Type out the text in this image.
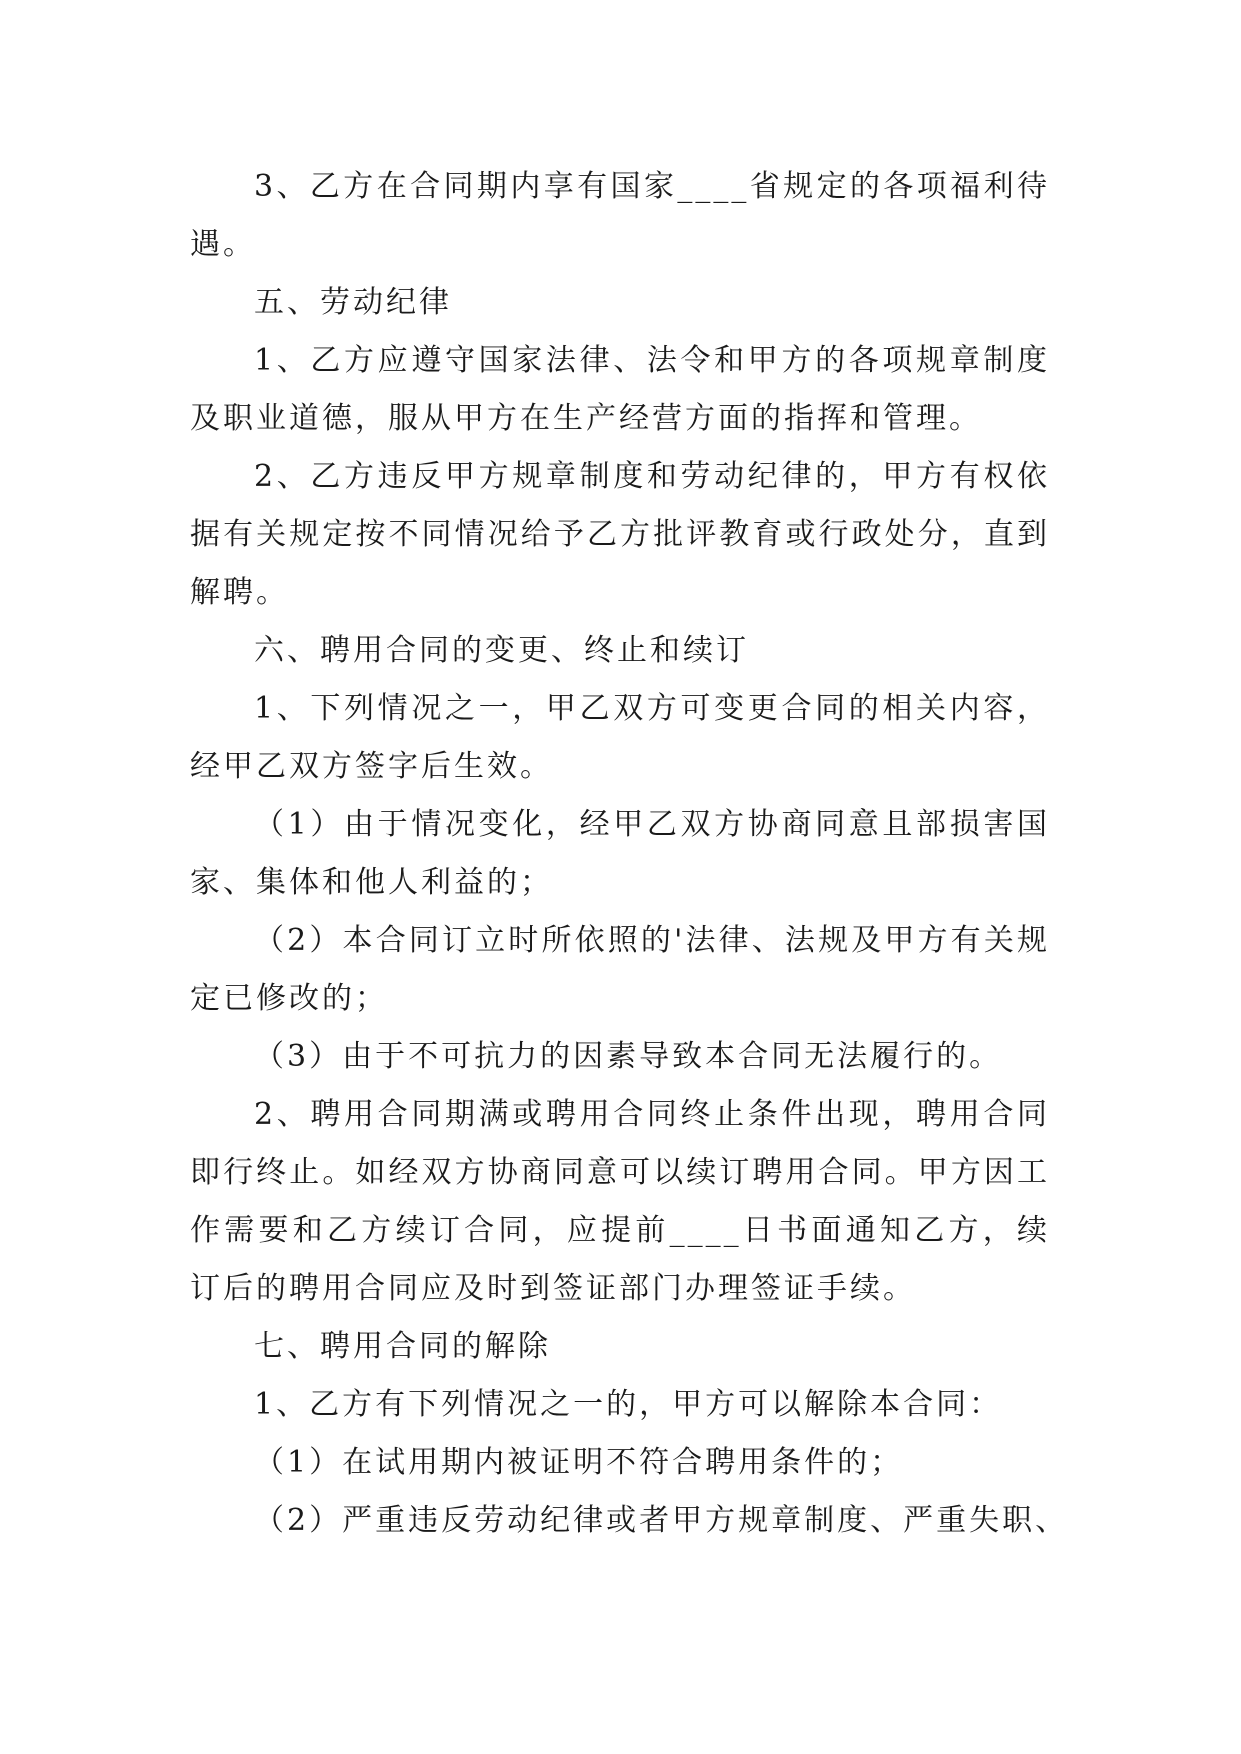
3、乙方在合同期内享有国家____省规定的各项福利待遇。

五、劳动纪律

1、乙方应遵守国家法律、法令和甲方的各项规章制度及职业道德，服从甲方在生产经营方面的指挥和管理。

2、乙方违反甲方规章制度和劳动纪律的，甲方有权依据有关规定按不同情况给予乙方批评教育或行政处分，直到解聘。

六、聘用合同的变更、终止和续订

1、下列情况之一，甲乙双方可变更合同的相关内容，经甲乙双方签字后生效。

（1）由于情况变化，经甲乙双方协商同意且部损害国家、集体和他人利益的；

（2）本合同订立时所依照的'法律、法规及甲方有关规定已修改的；

（3）由于不可抗力的因素导致本合同无法履行的。

2、聘用合同期满或聘用合同终止条件出现，聘用合同即行终止。如经双方协商同意可以续订聘用合同。甲方因工作需要和乙方续订合同，应提前____日书面通知乙方，续订后的聘用合同应及时到签证部门办理签证手续。

七、聘用合同的解除

1、乙方有下列情况之一的，甲方可以解除本合同：

（1）在试用期内被证明不符合聘用条件的；

（2）严重违反劳动纪律或者甲方规章制度、严重失职、
